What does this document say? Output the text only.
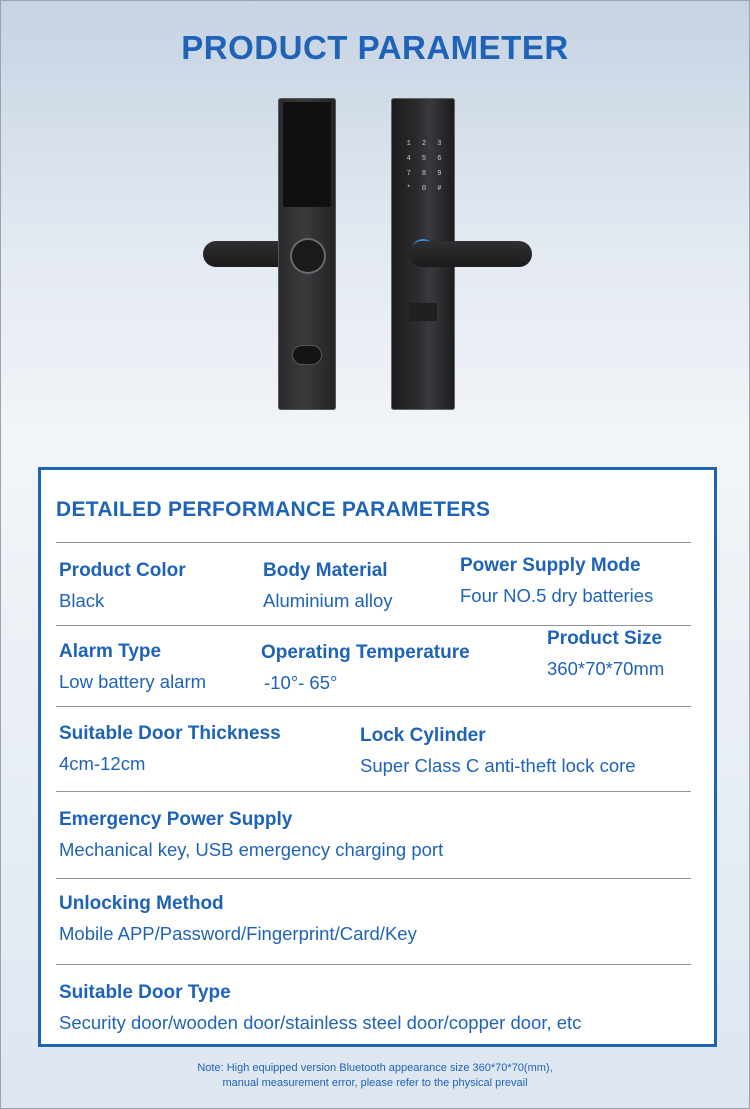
PRODUCT PARAMETER
1	2	3
4	5	6
7	8	9
*	0	#
DETAILED PERFORMANCE PARAMETERS
Product Color
Black
Body Material
Aluminium alloy
Power Supply Mode
Four NO.5 dry batteries
Alarm Type
Low battery alarm
Operating Temperature
-10°- 65°
Product Size
360*70*70mm
Suitable Door Thickness
4cm-12cm
Lock Cylinder
Super Class C anti-theft lock core
Emergency Power Supply
Mechanical key, USB emergency charging port
Unlocking Method
Mobile APP/Password/Fingerprint/Card/Key
Suitable Door Type
Security door/wooden door/stainless steel door/copper door, etc
Note: High equipped version Bluetooth appearance size 360*70*70(mm),
manual measurement error, please refer to the physical prevail
